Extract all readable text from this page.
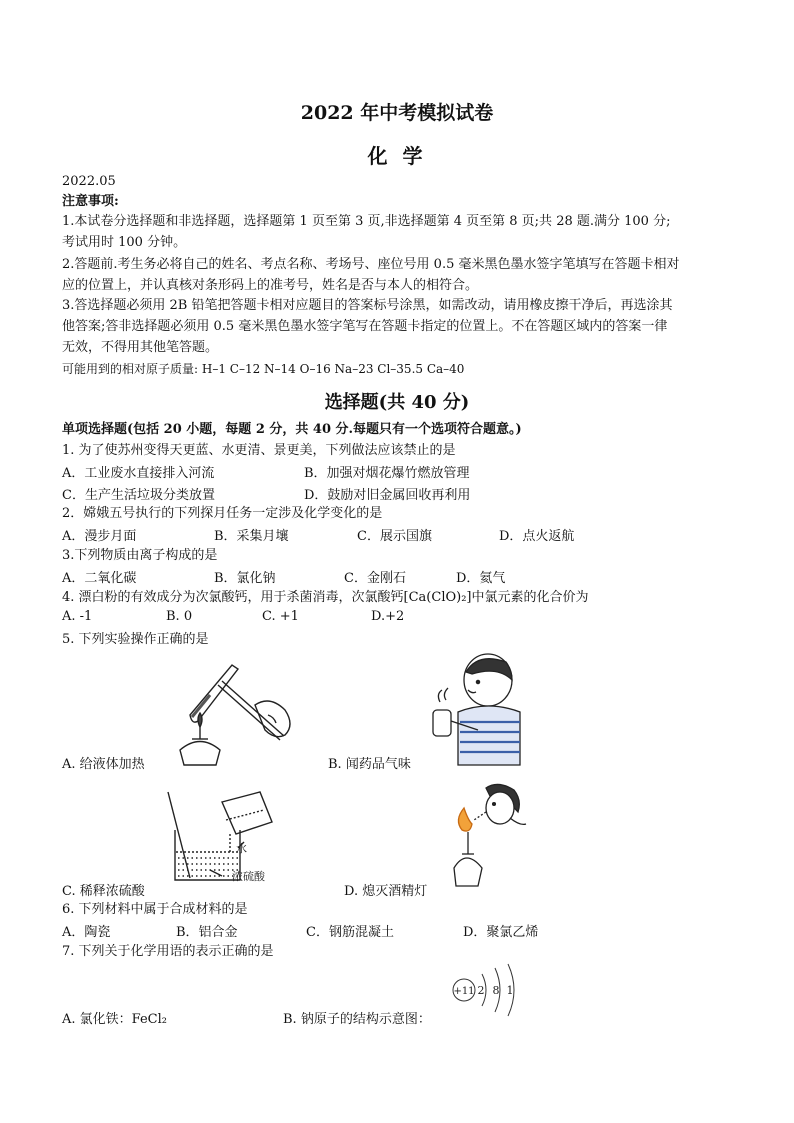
2022 年中考模拟试卷
化 学
2022.05
注意事项:
1.本试卷分选择题和非选择题，选择题第 1 页至第 3 页,非选择题第 4 页至第 8 页;共 28 题.满分 100 分;
考试用时 100 分钟。
2.答题前.考生务必将自己的姓名、考点名称、考场号、座位号用 0.5 毫米黑色墨水签字笔填写在答题卡相对
应的位置上，并认真核对条形码上的准考号，姓名是否与本人的相符合。
3.答选择题必须用 2B 铅笔把答题卡相对应题目的答案标号涂黑，如需改动，请用橡皮擦干净后，再选涂其
他答案;答非选择题必须用 0.5 毫米黑色墨水签字笔写在答题卡指定的位置上。不在答题区域内的答案一律
无效，不得用其他笔答题。
可能用到的相对原子质量: H–1 C–12 N–14 O–16 Na–23 Cl–35.5 Ca–40
选择题(共 40 分)
单项选择题(包括 20 小题，每题 2 分，共 40 分.每题只有一个选项符合题意。)
1. 为了使苏州变得天更蓝、水更清、景更美，下列做法应该禁止的是
A．工业废水直接排入河流	B．加强对烟花爆竹燃放管理
C．生产生活垃圾分类放置	D．鼓励对旧金属回收再利用
2．嫦娥五号执行的下列探月任务一定涉及化学变化的是
A．漫步月面	B．采集月壤	C．展示国旗	D．点火返航
3.下列物质由离子构成的是
A．二氧化碳	B．氯化钠	C．金刚石	D．氦气
4. 漂白粉的有效成分为次氯酸钙，用于杀菌消毒，次氯酸钙[Ca(ClO)₂]中氯元素的化合价为
A. -1	B. 0	C. +1	D.+2
5. 下列实验操作正确的是
A. 给液体加热	B. 闻药品气味
水
浓硫酸
C. 稀释浓硫酸	D. 熄灭酒精灯
6. 下列材料中属于合成材料的是
A．陶瓷	B．铝合金	C．钢筋混凝土	D．聚氯乙烯
7. 下列关于化学用语的表示正确的是
+11 2 8 1
A. 氯化铁：FeCl₂	B. 钠原子的结构示意图：
